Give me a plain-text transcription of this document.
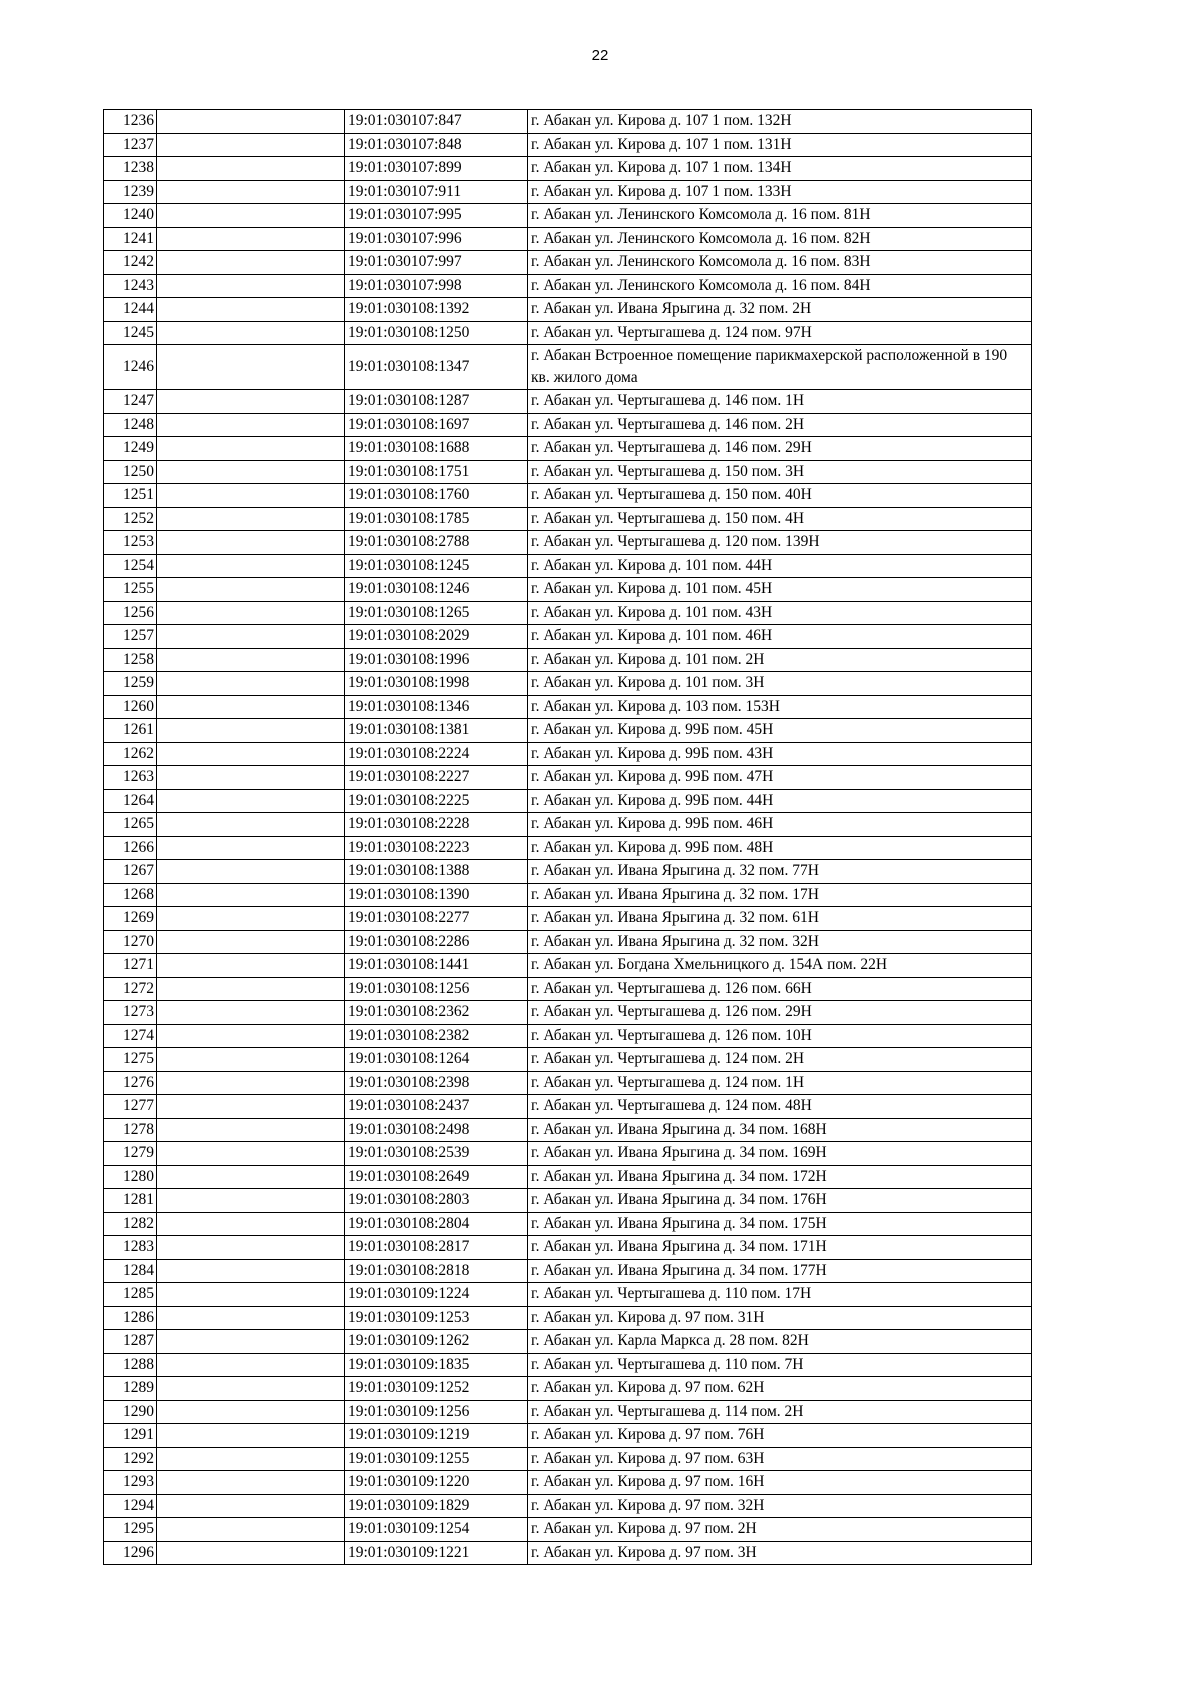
22
1236		19:01:030107:847	г. Абакан ул. Кирова д. 107 1 пом. 132Н
1237		19:01:030107:848	г. Абакан ул. Кирова д. 107 1 пом. 131Н
1238		19:01:030107:899	г. Абакан ул. Кирова д. 107 1 пом. 134Н
1239		19:01:030107:911	г. Абакан ул. Кирова д. 107 1 пом. 133Н
1240		19:01:030107:995	г. Абакан ул. Ленинского Комсомола д. 16 пом. 81Н
1241		19:01:030107:996	г. Абакан ул. Ленинского Комсомола д. 16 пом. 82Н
1242		19:01:030107:997	г. Абакан ул. Ленинского Комсомола д. 16 пом. 83Н
1243		19:01:030107:998	г. Абакан ул. Ленинского Комсомола д. 16 пом. 84Н
1244		19:01:030108:1392	г. Абакан ул. Ивана Ярыгина д. 32 пом. 2Н
1245		19:01:030108:1250	г. Абакан ул. Чертыгашева д. 124 пом. 97Н
1246		19:01:030108:1347	г. Абакан Встроенное помещение парикмахерской расположенной в 190 кв. жилого дома
1247		19:01:030108:1287	г. Абакан ул. Чертыгашева д. 146 пом. 1Н
1248		19:01:030108:1697	г. Абакан ул. Чертыгашева д. 146 пом. 2Н
1249		19:01:030108:1688	г. Абакан ул. Чертыгашева д. 146 пом. 29Н
1250		19:01:030108:1751	г. Абакан ул. Чертыгашева д. 150 пом. 3Н
1251		19:01:030108:1760	г. Абакан ул. Чертыгашева д. 150 пом. 40Н
1252		19:01:030108:1785	г. Абакан ул. Чертыгашева д. 150 пом. 4Н
1253		19:01:030108:2788	г. Абакан ул. Чертыгашева д. 120 пом. 139Н
1254		19:01:030108:1245	г. Абакан ул. Кирова д. 101 пом. 44Н
1255		19:01:030108:1246	г. Абакан ул. Кирова д. 101 пом. 45Н
1256		19:01:030108:1265	г. Абакан ул. Кирова д. 101 пом. 43Н
1257		19:01:030108:2029	г. Абакан ул. Кирова д. 101 пом. 46Н
1258		19:01:030108:1996	г. Абакан ул. Кирова д. 101 пом. 2Н
1259		19:01:030108:1998	г. Абакан ул. Кирова д. 101 пом. 3Н
1260		19:01:030108:1346	г. Абакан ул. Кирова д. 103 пом. 153Н
1261		19:01:030108:1381	г. Абакан ул. Кирова д. 99Б пом. 45Н
1262		19:01:030108:2224	г. Абакан ул. Кирова д. 99Б пом. 43Н
1263		19:01:030108:2227	г. Абакан ул. Кирова д. 99Б пом. 47Н
1264		19:01:030108:2225	г. Абакан ул. Кирова д. 99Б пом. 44Н
1265		19:01:030108:2228	г. Абакан ул. Кирова д. 99Б пом. 46Н
1266		19:01:030108:2223	г. Абакан ул. Кирова д. 99Б пом. 48Н
1267		19:01:030108:1388	г. Абакан ул. Ивана Ярыгина д. 32 пом. 77Н
1268		19:01:030108:1390	г. Абакан ул. Ивана Ярыгина д. 32 пом. 17Н
1269		19:01:030108:2277	г. Абакан ул. Ивана Ярыгина д. 32 пом. 61Н
1270		19:01:030108:2286	г. Абакан ул. Ивана Ярыгина д. 32 пом. 32Н
1271		19:01:030108:1441	г. Абакан ул. Богдана Хмельницкого д. 154А пом. 22Н
1272		19:01:030108:1256	г. Абакан ул. Чертыгашева д. 126 пом. 66Н
1273		19:01:030108:2362	г. Абакан ул. Чертыгашева д. 126 пом. 29Н
1274		19:01:030108:2382	г. Абакан ул. Чертыгашева д. 126 пом. 10Н
1275		19:01:030108:1264	г. Абакан ул. Чертыгашева д. 124 пом. 2Н
1276		19:01:030108:2398	г. Абакан ул. Чертыгашева д. 124 пом. 1Н
1277		19:01:030108:2437	г. Абакан ул. Чертыгашева д. 124 пом. 48Н
1278		19:01:030108:2498	г. Абакан ул. Ивана Ярыгина д. 34 пом. 168Н
1279		19:01:030108:2539	г. Абакан ул. Ивана Ярыгина д. 34 пом. 169Н
1280		19:01:030108:2649	г. Абакан ул. Ивана Ярыгина д. 34 пом. 172Н
1281		19:01:030108:2803	г. Абакан ул. Ивана Ярыгина д. 34 пом. 176Н
1282		19:01:030108:2804	г. Абакан ул. Ивана Ярыгина д. 34 пом. 175Н
1283		19:01:030108:2817	г. Абакан ул. Ивана Ярыгина д. 34 пом. 171Н
1284		19:01:030108:2818	г. Абакан ул. Ивана Ярыгина д. 34 пом. 177Н
1285		19:01:030109:1224	г. Абакан ул. Чертыгашева д. 110 пом. 17Н
1286		19:01:030109:1253	г. Абакан ул. Кирова д. 97 пом. 31Н
1287		19:01:030109:1262	г. Абакан ул. Карла Маркса д. 28 пом. 82Н
1288		19:01:030109:1835	г. Абакан ул. Чертыгашева д. 110 пом. 7Н
1289		19:01:030109:1252	г. Абакан ул. Кирова д. 97 пом. 62Н
1290		19:01:030109:1256	г. Абакан ул. Чертыгашева д. 114 пом. 2Н
1291		19:01:030109:1219	г. Абакан ул. Кирова д. 97 пом. 76Н
1292		19:01:030109:1255	г. Абакан ул. Кирова д. 97 пом. 63Н
1293		19:01:030109:1220	г. Абакан ул. Кирова д. 97 пом. 16Н
1294		19:01:030109:1829	г. Абакан ул. Кирова д. 97 пом. 32Н
1295		19:01:030109:1254	г. Абакан ул. Кирова д. 97 пом. 2Н
1296		19:01:030109:1221	г. Абакан ул. Кирова д. 97 пом. 3Н
